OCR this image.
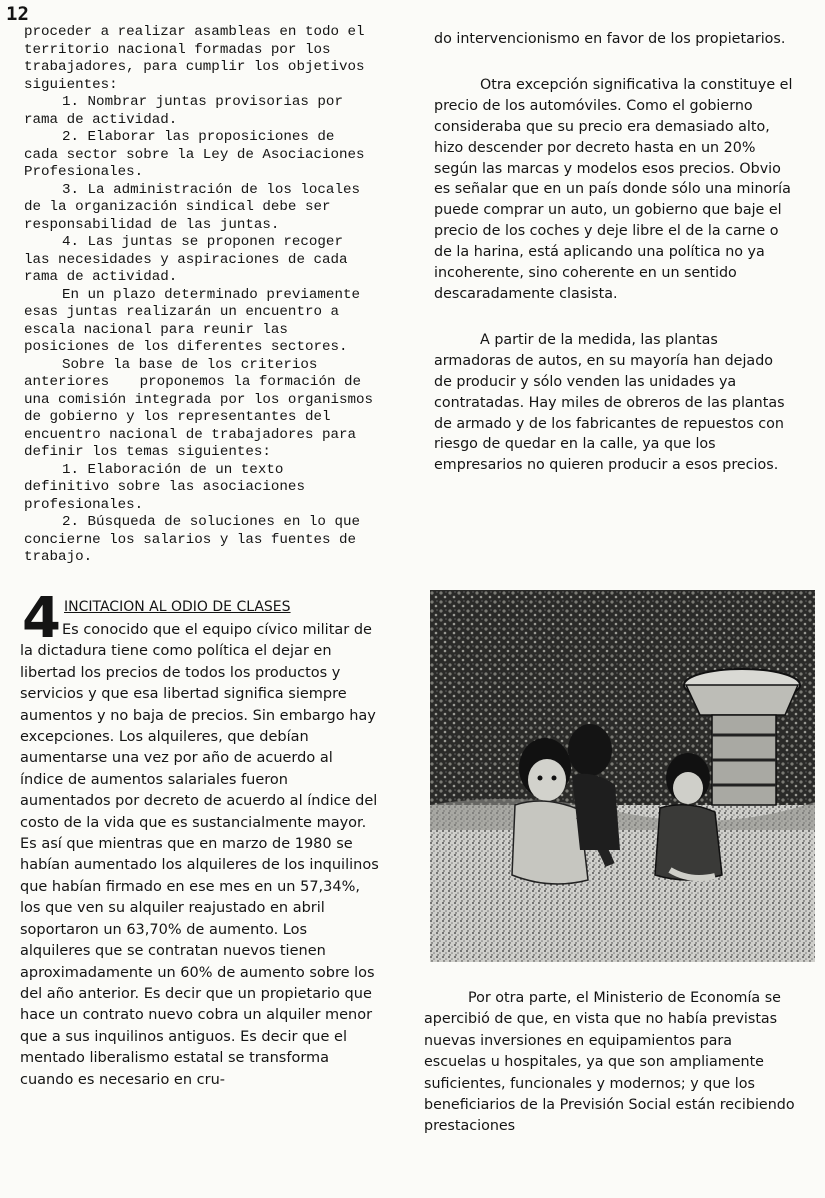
12

proceder a realizar asambleas en todo el territorio nacional formadas por los trabajadores, para cumplir los objetivos siguientes:

1. Nombrar juntas provisorias por rama de actividad.

2. Elaborar las proposiciones de cada sector sobre la Ley de Asociaciones Profesionales.

3. La administración de los locales de la organización sindical debe ser responsabilidad de las juntas.

4. Las juntas se proponen recoger las necesidades y aspiraciones de cada rama de actividad.

En un plazo determinado previamente esas juntas realizarán un encuentro a escala nacional para reunir las posiciones de los diferentes sectores.

Sobre la base de los criterios anteriores proponemos la formación de una comisión integrada por los organismos de gobierno y los representantes del encuentro nacional de trabajadores para definir los temas siguientes:

1. Elaboración de un texto definitivo sobre las asociaciones profesionales.

2. Búsqueda de soluciones en lo que concierne los salarios y las fuentes de trabajo.

do intervencionismo en favor de los propietarios.

Otra excepción significativa la constituye el precio de los automóviles. Como el gobierno consideraba que su precio era demasiado alto, hizo descender por decreto hasta en un 20% según las marcas y modelos esos precios. Obvio es señalar que en un país donde sólo una minoría puede comprar un auto, un gobierno que baje el precio de los coches y deje libre el de la carne o de la harina, está aplicando una política no ya incoherente, sino coherente en un sentido descaradamente clasista.

A partir de la medida, las plantas armadoras de autos, en su mayoría han dejado de producir y sólo venden las unidades ya contratadas. Hay miles de obreros de las plantas de armado y de los fabricantes de repuestos con riesgo de quedar en la calle, ya que los empresarios no quieren producir a esos precios.

4 INCITACION AL ODIO DE CLASES

Es conocido que el equipo cívico militar de la dictadura tiene como política el dejar en libertad los precios de todos los productos y servicios y que esa libertad significa siempre aumentos y no baja de precios. Sin embargo hay excepciones. Los alquileres, que debían aumentarse una vez por año de acuerdo al índice de aumentos salariales fueron aumentados por decreto de acuerdo al índice del costo de la vida que es sustancialmente mayor. Es así que mientras que en marzo de 1980 se habían aumentado los alquileres de los inquilinos que habían firmado en ese mes en un 57,34%, los que ven su alquiler reajustado en abril soportaron un 63,70% de aumento. Los alquileres que se contratan nuevos tienen aproximadamente un 60% de aumento sobre los del año anterior. Es decir que un propietario que hace un contrato nuevo cobra un alquiler menor que a sus inquilinos antiguos. Es decir que el mentado liberalismo estatal se transforma cuando es necesario en cru-

Por otra parte, el Ministerio de Economía se apercibió de que, en vista que no había previstas nuevas inversiones en equipamientos para escuelas u hospitales, ya que son ampliamente suficientes, funcionales y modernos; y que los beneficiarios de la Previsión Social están recibiendo prestaciones
